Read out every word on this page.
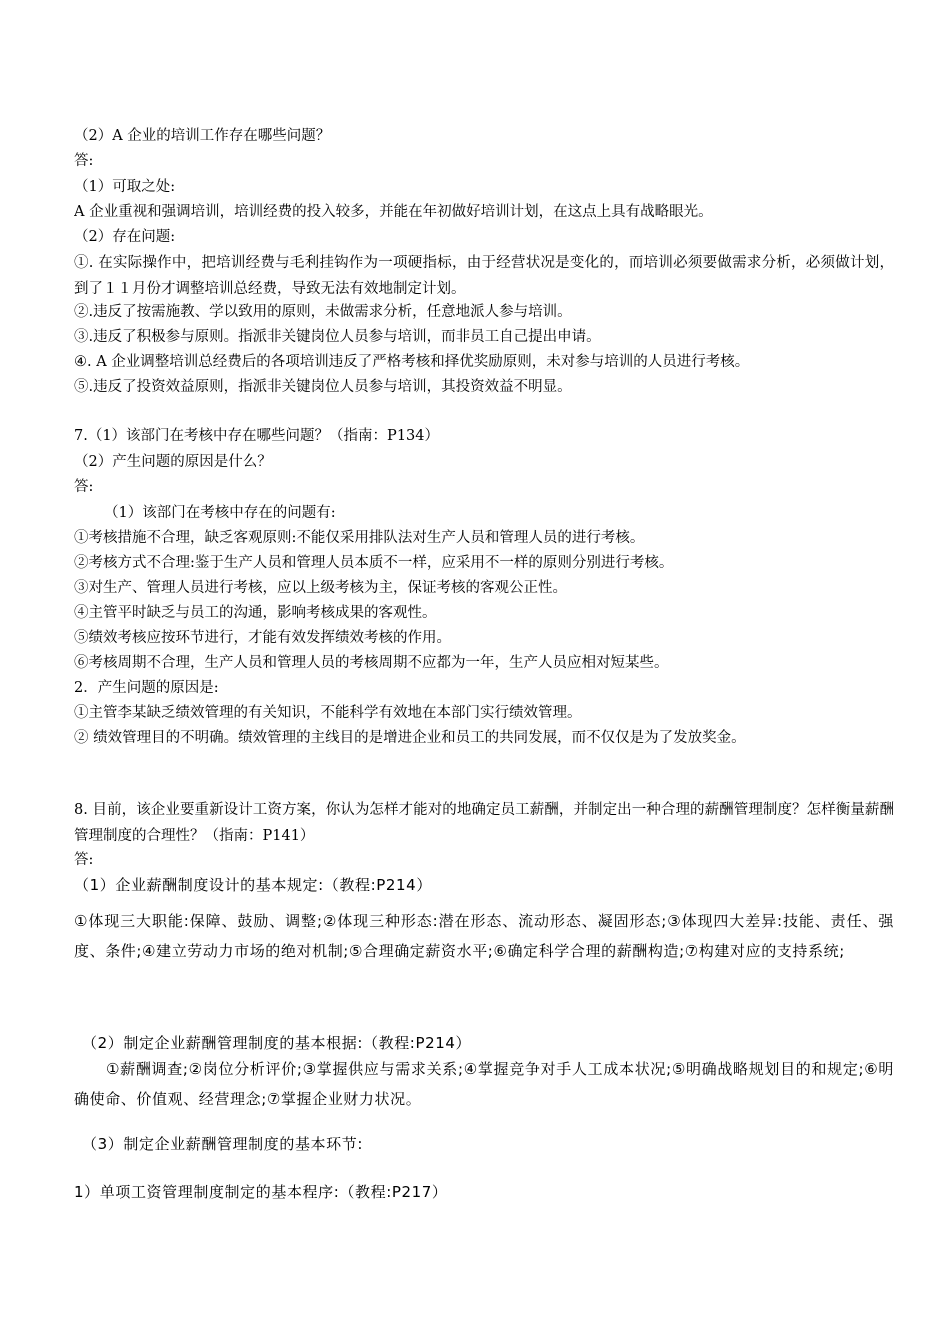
（2）A 企业的培训工作存在哪些问题？
答:
（1）可取之处:
A 企业重视和强调培训，培训经费的投入较多，并能在年初做好培训计划，在这点上具有战略眼光。
（2）存在问题:
①. 在实际操作中，把培训经费与毛利挂钩作为一项硬指标，由于经营状况是变化的，而培训必须要做需求分析，必须做计划，到了１１月份才调整培训总经费，导致无法有效地制定计划。
②.违反了按需施教、学以致用的原则，未做需求分析，任意地派人参与培训。
③.违反了积极参与原则。指派非关键岗位人员参与培训，而非员工自己提出申请。
④. A 企业调整培训总经费后的各项培训违反了严格考核和择优奖励原则，未对参与培训的人员进行考核。
⑤.违反了投资效益原则，指派非关键岗位人员参与培训，其投资效益不明显。
7.（1）该部门在考核中存在哪些问题？（指南：P134）
（2）产生问题的原因是什么？
答:
（1）该部门在考核中存在的问题有:
①考核措施不合理，缺乏客观原则:不能仅采用排队法对生产人员和管理人员的进行考核。
②考核方式不合理:鉴于生产人员和管理人员本质不一样，应采用不一样的原则分别进行考核。
③对生产、管理人员进行考核，应以上级考核为主，保证考核的客观公正性。
④主管平时缺乏与员工的沟通，影响考核成果的客观性。
⑤绩效考核应按环节进行，才能有效发挥绩效考核的作用。
⑥考核周期不合理，生产人员和管理人员的考核周期不应都为一年，生产人员应相对短某些。
2．产生问题的原因是:
①主管李某缺乏绩效管理的有关知识，不能科学有效地在本部门实行绩效管理。
② 绩效管理目的不明确。绩效管理的主线目的是增进企业和员工的共同发展，而不仅仅是为了发放奖金。
8. 目前，该企业要重新设计工资方案，你认为怎样才能对的地确定员工薪酬，并制定出一种合理的薪酬管理制度？怎样衡量薪酬管理制度的合理性？（指南：P141）
答:
（1）企业薪酬制度设计的基本规定:（教程:P214）
①体现三大职能:保障、鼓励、调整;②体现三种形态:潜在形态、流动形态、凝固形态;③体现四大差异:技能、责任、强度、条件;④建立劳动力市场的绝对机制;⑤合理确定薪资水平;⑥确定科学合理的薪酬构造;⑦构建对应的支持系统;
（2）制定企业薪酬管理制度的基本根据:（教程:P214）
①薪酬调查;②岗位分析评价;③掌握供应与需求关系;④掌握竞争对手人工成本状况;⑤明确战略规划目的和规定;⑥明确使命、价值观、经营理念;⑦掌握企业财力状况。
（3）制定企业薪酬管理制度的基本环节:
1）单项工资管理制度制定的基本程序:（教程:P217）
